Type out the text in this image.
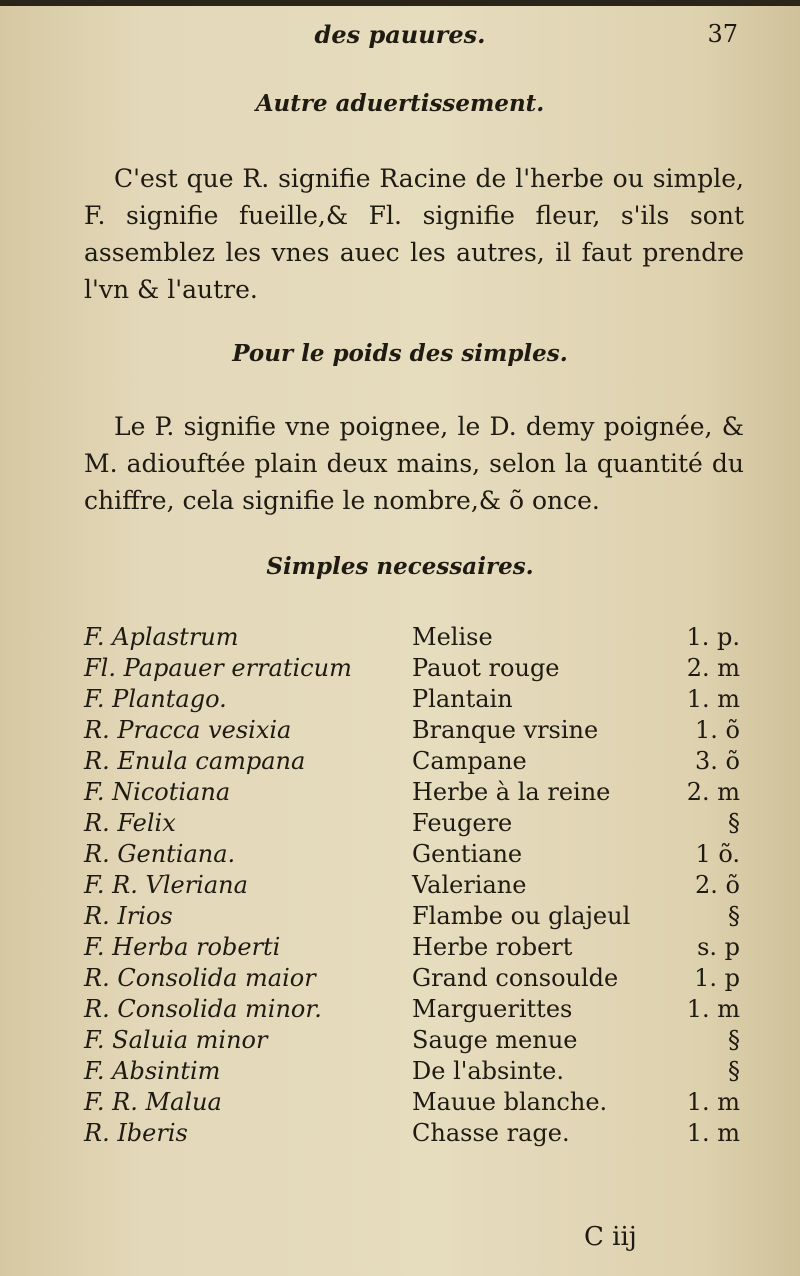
des pauures.	37
Autre aduertissement.

C'est que R. signifie Racine de l'herbe ou simple, F. signifie fueille,& Fl. signifie fleur, s'ils sont assemblez les vnes auec les autres, il faut prendre l'vn & l'autre.

Pour le poids des simples.

Le P. signifie vne poignee, le D. demy poignée, & M. adiouftée plain deux mains, selon la quantité du chiffre, cela signifie le nombre,& õ once.

Simples necessaires.
F. Aplastrum	Melise	1. p.
Fl. Papauer erraticum	Pauot rouge	2. m
F. Plantago.	Plantain	1. m
R. Pracca vesixia	Branque vrsine	1. õ
R. Enula campana	Campane	3. õ
F. Nicotiana	Herbe à la reine	2. m
R. Felix	Feugere	§
R. Gentiana.	Gentiane	1 õ.
F. R. Vleriana	Valeriane	2. õ
R. Irios	Flambe ou glajeul	§
F. Herba roberti	Herbe robert	s. p
R. Consolida maior	Grand consoulde	1. p
R. Consolida minor.	Marguerittes	1. m
F. Saluia minor	Sauge menue	§
F. Absintim	De l'absinte.	§
F. R. Malua	Mauue blanche.	1. m
R. Iberis	Chasse rage.	1. m
C iij
